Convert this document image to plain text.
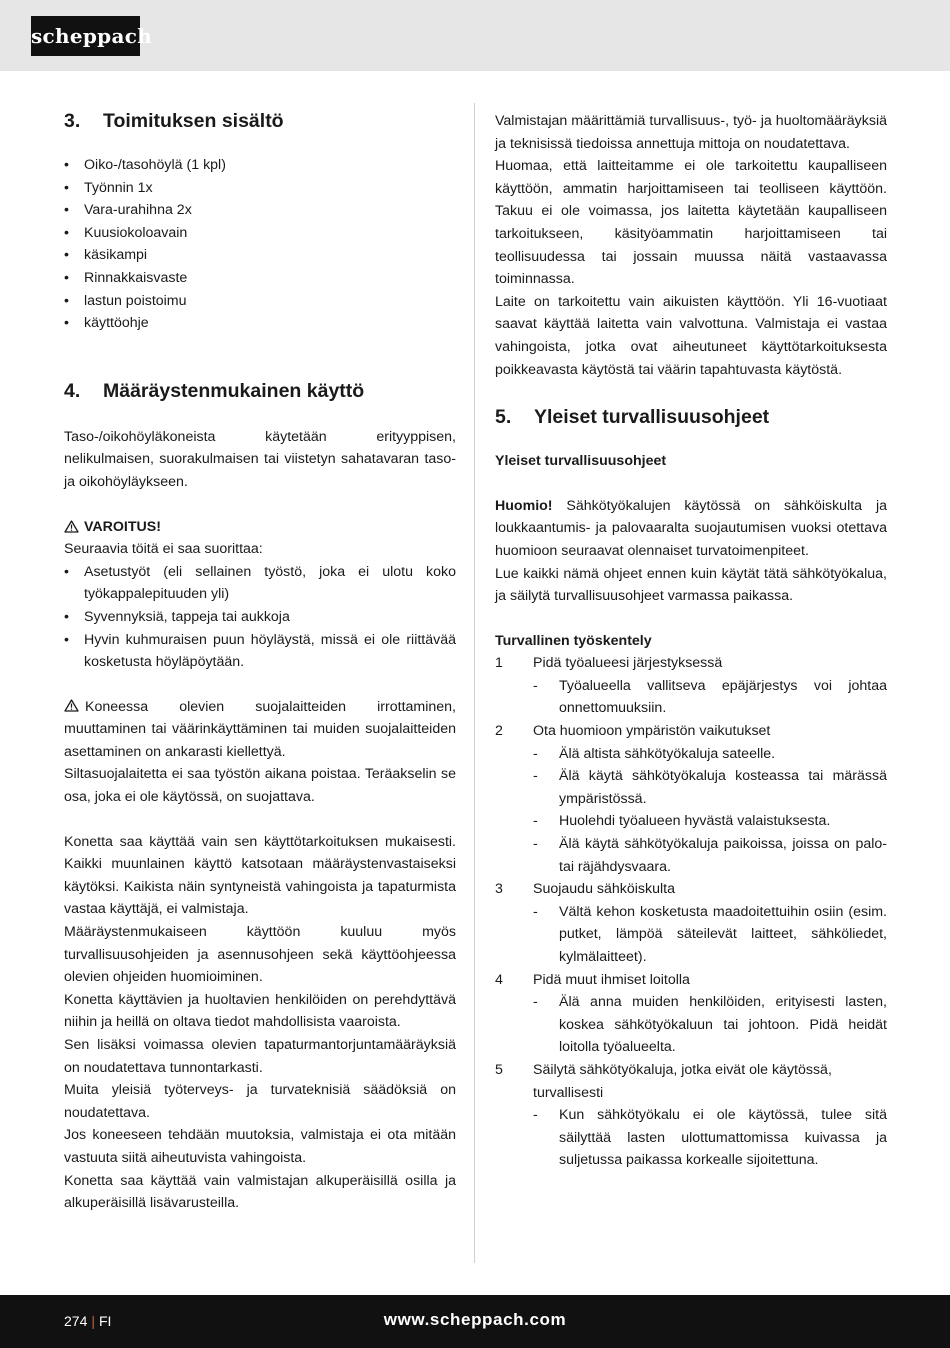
scheppach
3.	Toimituksen sisältö
• Oiko-/tasohöylä (1 kpl)
• Työnnin 1x
• Vara-urahihna 2x
• Kuusiokoloavain
• käsikampi
• Rinnakkaisvaste
• lastun poistoimu
• käyttöohje
4.	Määräystenmukainen käyttö

Taso-/oikohöyläkoneista käytetään erityyppisen, nelikulmaisen, suorakulmaisen tai viistetyn sahatavaran taso- ja oikohöyläykseen.

VAROITUS!

Seuraavia töitä ei saa suorittaa:

• Asetustyöt (eli sellainen työstö, joka ei ulotu koko työkappalepituuden yli)
• Syvennyksiä, tappeja tai aukkoja
• Hyvin kuhmuraisen puun höyläystä, missä ei ole riittävää kosketusta höyläpöytään.

Koneessa olevien suojalaitteiden irrottaminen, muuttaminen tai väärinkäyttäminen tai muiden suojalaitteiden asettaminen on ankarasti kiellettyä.

Siltasuojalaitetta ei saa työstön aikana poistaa. Teräakselin se osa, joka ei ole käytössä, on suojattava.

Konetta saa käyttää vain sen käyttötarkoituksen mukaisesti. Kaikki muunlainen käyttö katsotaan määräystenvastaiseksi käytöksi. Kaikista näin syntyneistä vahingoista ja tapaturmista vastaa käyttäjä, ei valmistaja.

Määräystenmukaiseen käyttöön kuuluu myös turvallisuusohjeiden ja asennusohjeen sekä käyttöohjeessa olevien ohjeiden huomioiminen.

Konetta käyttävien ja huoltavien henkilöiden on perehdyttävä niihin ja heillä on oltava tiedot mahdollisista vaaroista.

Sen lisäksi voimassa olevien tapaturmantorjuntamääräyksiä on noudatettava tunnontarkasti.

Muita yleisiä työterveys- ja turvateknisiä säädöksiä on noudatettava.

Jos koneeseen tehdään muutoksia, valmistaja ei ota mitään vastuuta siitä aiheutuvista vahingoista.

Konetta saa käyttää vain valmistajan alkuperäisillä osilla ja alkuperäisillä lisävarusteilla.

Valmistajan määrittämiä turvallisuus-, työ- ja huoltomääräyksiä ja teknisissä tiedoissa annettuja mittoja on noudatettava.

Huomaa, että laitteitamme ei ole tarkoitettu kaupalliseen käyttöön, ammatin harjoittamiseen tai teolliseen käyttöön. Takuu ei ole voimassa, jos laitetta käytetään kaupalliseen tarkoitukseen, käsityöammatin harjoittamiseen tai teollisuudessa tai jossain muussa näitä vastaavassa toiminnassa.

Laite on tarkoitettu vain aikuisten käyttöön. Yli 16-vuotiaat saavat käyttää laitetta vain valvottuna. Valmistaja ei vastaa vahingoista, jotka ovat aiheutuneet käyttötarkoituksesta poikkeavasta käytöstä tai väärin tapahtuvasta käytöstä.

5.	Yleiset turvallisuusohjeet

Yleiset turvallisuusohjeet

Huomio! Sähkötyökalujen käytössä on sähköiskulta ja loukkaantumis- ja palovaaralta suojautumisen vuoksi otettava huomioon seuraavat olennaiset turvatoimenpiteet.

Lue kaikki nämä ohjeet ennen kuin käytät tätä sähkötyökalua, ja säilytä turvallisuusohjeet varmassa paikassa.

Turvallinen työskentely

1 Pidä työalueesi järjestyksessä
- Työalueella vallitseva epäjärjestys voi johtaa onnettomuuksiin.
2 Ota huomioon ympäristön vaikutukset
- Älä altista sähkötyökaluja sateelle.
- Älä käytä sähkötyökaluja kosteassa tai märässä ympäristössä.
- Huolehdi työalueen hyvästä valaistuksesta.
- Älä käytä sähkötyökaluja paikoissa, joissa on palo- tai räjähdysvaara.
3 Suojaudu sähköiskulta
- Vältä kehon kosketusta maadoitettuihin osiin (esim. putket, lämpöä säteilevät laitteet, sähköliedet, kylmälaitteet).
4 Pidä muut ihmiset loitolla
- Älä anna muiden henkilöiden, erityisesti lasten, koskea sähkötyökaluun tai johtoon. Pidä heidät loitolla työalueelta.
5 Säilytä sähkötyökaluja, jotka eivät ole käytössä, turvallisesti
- Kun sähkötyökalu ei ole käytössä, tulee sitä säilyttää lasten ulottumattomissa kuivassa ja suljetussa paikassa korkealle sijoitettuna.
274 | FI	www.scheppach.com
